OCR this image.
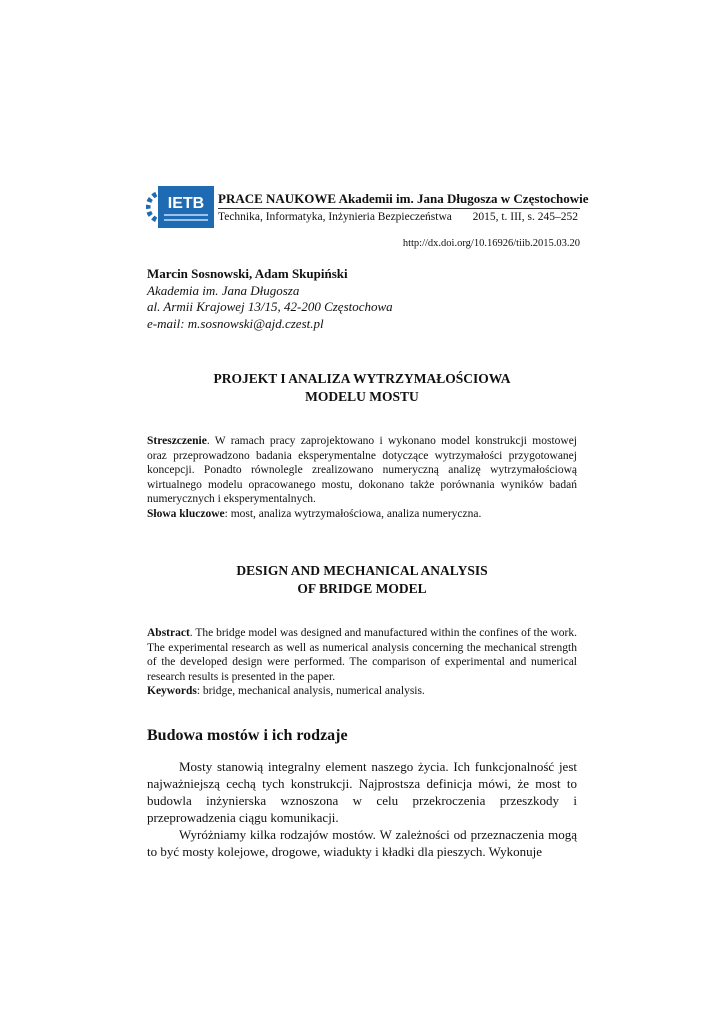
IETB PRACE NAUKOWE Akademii im. Jana Długosza w Częstochowie
Technika, Informatyka, Inżynieria Bezpieczeństwa 2015, t. III, s. 245–252
http://dx.doi.org/10.16926/tiib.2015.03.20
Marcin Sosnowski, Adam Skupiński
Akademia im. Jana Długosza
al. Armii Krajowej 13/15, 42-200 Częstochowa
e-mail: m.sosnowski@ajd.czest.pl
PROJEKT I ANALIZA WYTRZYMAŁOŚCIOWA
MODELU MOSTU
Streszczenie. W ramach pracy zaprojektowano i wykonano model konstrukcji mostowej oraz przeprowadzono badania eksperymentalne dotyczące wytrzymałości przygotowanej koncepcji. Ponadto równolegle zrealizowano numeryczną analizę wytrzymałościową wirtualnego modelu opracowanego mostu, dokonano także porównania wyników badań numerycznych i eksperymentalnych.
Słowa kluczowe: most, analiza wytrzymałościowa, analiza numeryczna.
DESIGN AND MECHANICAL ANALYSIS
OF BRIDGE MODEL
Abstract. The bridge model was designed and manufactured within the confines of the work. The experimental research as well as numerical analysis concerning the mechanical strength of the developed design were performed. The comparison of experimental and numerical research results is presented in the paper.
Keywords: bridge, mechanical analysis, numerical analysis.
Budowa mostów i ich rodzaje

Mosty stanowią integralny element naszego życia. Ich funkcjonalność jest najważniejszą cechą tych konstrukcji. Najprostsza definicja mówi, że most to budowla inżynierska wznoszona w celu przekroczenia przeszkody i przeprowadzenia ciągu komunikacji.

Wyróżniamy kilka rodzajów mostów. W zależności od przeznaczenia mogą to być mosty kolejowe, drogowe, wiadukty i kładki dla pieszych. Wykonuje
